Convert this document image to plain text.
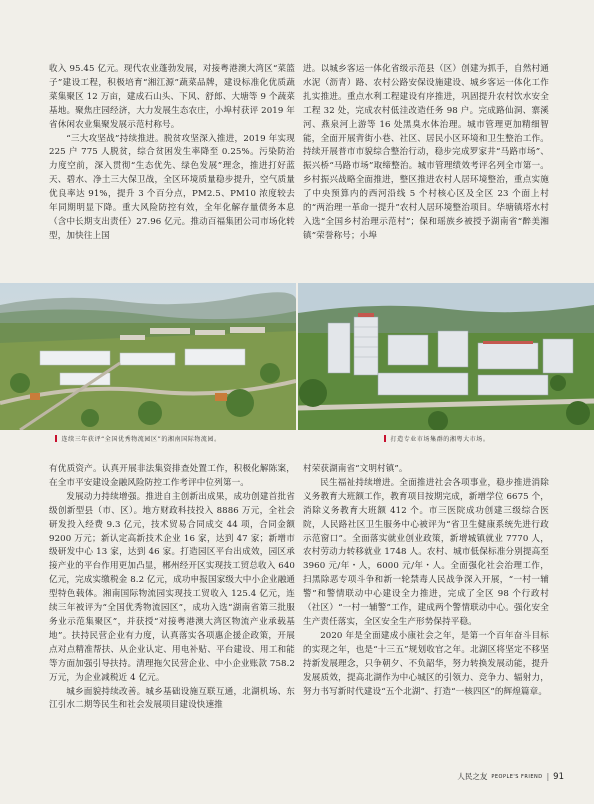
收入 95.45 亿元。现代农业蓬勃发展，对接粤港澳大湾区“菜篮子”建设工程，积极培育“湘江源”蔬菜品牌，建设标准化优质蔬菜集聚区 12 万亩，建成石山头、下风、舒郎、大塘等 9 个蔬菜基地。聚焦庄园经济，大力发展生态农庄，小埠村获评 2019 年省休闲农业集聚发展示范村称号。

“三大攻坚战”持续推进。脱贫攻坚深入推进，2019 年实现 225 户 775 人脱贫，综合贫困发生率降至 0.25%。污染防治力度空前，深入贯彻“生态优先、绿色发展”理念，推进打好蓝天、碧水、净土三大保卫战，全区环境质量稳步提升，空气质量优良率达 91%，提升 3 个百分点，PM2.5、PM10 浓度较去年同期明显下降。重大风险防控有效，全年化解存量债务本息（含中长期支出责任）27.96 亿元。推动百福集团公司市场化转型，加快往上国

进。以城乡客运一体化省级示范县（区）创建为抓手，自然村通水泥（沥青）路、农村公路安保设施建设、城乡客运一体化工作扎实推进。重点水利工程建设有序推进，巩固提升农村饮水安全工程 32 处，完成农村低洼改造任务 98 户。完成路仙洞、寨溪河、燕泉河上游等 16 处黑臭水体治理。城市管理更加精细智能，全面开展背街小巷、社区、居民小区环境和卫生整治工作。持续开展普市市貌综合整治行动，稳步完成罗家井“马路市场”、振兴桥“马路市场”取缔整治。城市管理绩效考评名列全市第一。乡村振兴战略全面推进，整区推进农村人居环境整治，重点实施了中央预算内的西河沿线 5 个村核心区及全区 23 个面上村的“两治理一革命一提升”农村人居环境整治项目。华塘镇塔水村入选“全国乡村治理示范村”；保和瑶族乡被授予湖南省“醉美湘镇”荣誉称号；小埠

连续三年获评“全国优秀物流园区”的湘南国际物流园。	打造专业市场集群的湘粤大市场。

有优质资产。认真开展非法集资排查处置工作，积极化解陈案，在全市平安建设金融风险防控工作考评中位列第一。

发展动力持续增强。推进自主创新出成果，成功创建首批省级创新型县（市、区）。地方财政科技投入 8886 万元，全社会研发投入经费 9.3 亿元，技术贸易合同成交 44 项，合同金额 9200 万元；新认定高新技术企业 16 家，达到 47 家；新增市级研发中心 13 家，达到 46 家。打造园区平台出成效，园区承接产业的平台作用更加凸显，郴州经开区实现技工贸总收入 640 亿元，完成实缴税金 8.2 亿元，成功申报国家级大中小企业融通型特色载体。湘南国际物流园实现技工贸收入 125.4 亿元，连续三年被评为“全国优秀物流园区”，成功入选“湖南省第三批服务业示范集聚区”，并获授“对接粤港澳大湾区物流产业承载基地”。扶持民营企业有力度，认真落实各项惠企援企政策，开展点对点精准帮扶、从企业认定、用电补贴、平台建设、用工和能等方面加强引导扶持。清理拖欠民营企业、中小企业账款 758.2 万元，为企业减税近 4 亿元。

城乡面貌持续改善。城乡基础设施互联互通，北湖机场、东江引水二期等民生和社会发展项目建设快速推

村荣获湖南省“文明村镇”。

民生福祉持续增进。全面推进社会各项事业，稳步推进消除义务教育大班额工作，教育项目按期完成，新增学位 6675 个，消除义务教育大班额 412 个。市三医院成功创建三级综合医院，人民路社区卫生服务中心被评为“省卫生健康系统先进行政示范窗口”。全面落实就业创业政策，新增城镇就业 7770 人，农村劳动力转移就业 1748 人。农村、城市低保标准分别提高至 3960 元/年・人，6000 元/年・人。全面强化社会治理工作，扫黑除恶专项斗争和新一轮禁毒人民战争深入开展，“一村一辅警”和警情联动中心建设全力推进，完成了全区 98 个行政村（社区）“一村一辅警”工作，建成两个警情联动中心。强化安全生产责任落实，全区安全生产形势保持平稳。

2020 年是全面建成小康社会之年，是第一个百年奋斗目标的实现之年，也是“十三五”规划收官之年。北湖区将坚定不移坚持新发展理念，只争朝夕、不负韶华，努力转换发展动能，提升发展质效，提高北湖作为中心城区的引领力、竞争力、辐射力，努力书写新时代建设“五个北湖”、打造“一核四区”的辉煌篇章。

人民之友 PEOPLE'S FRIEND | 91
